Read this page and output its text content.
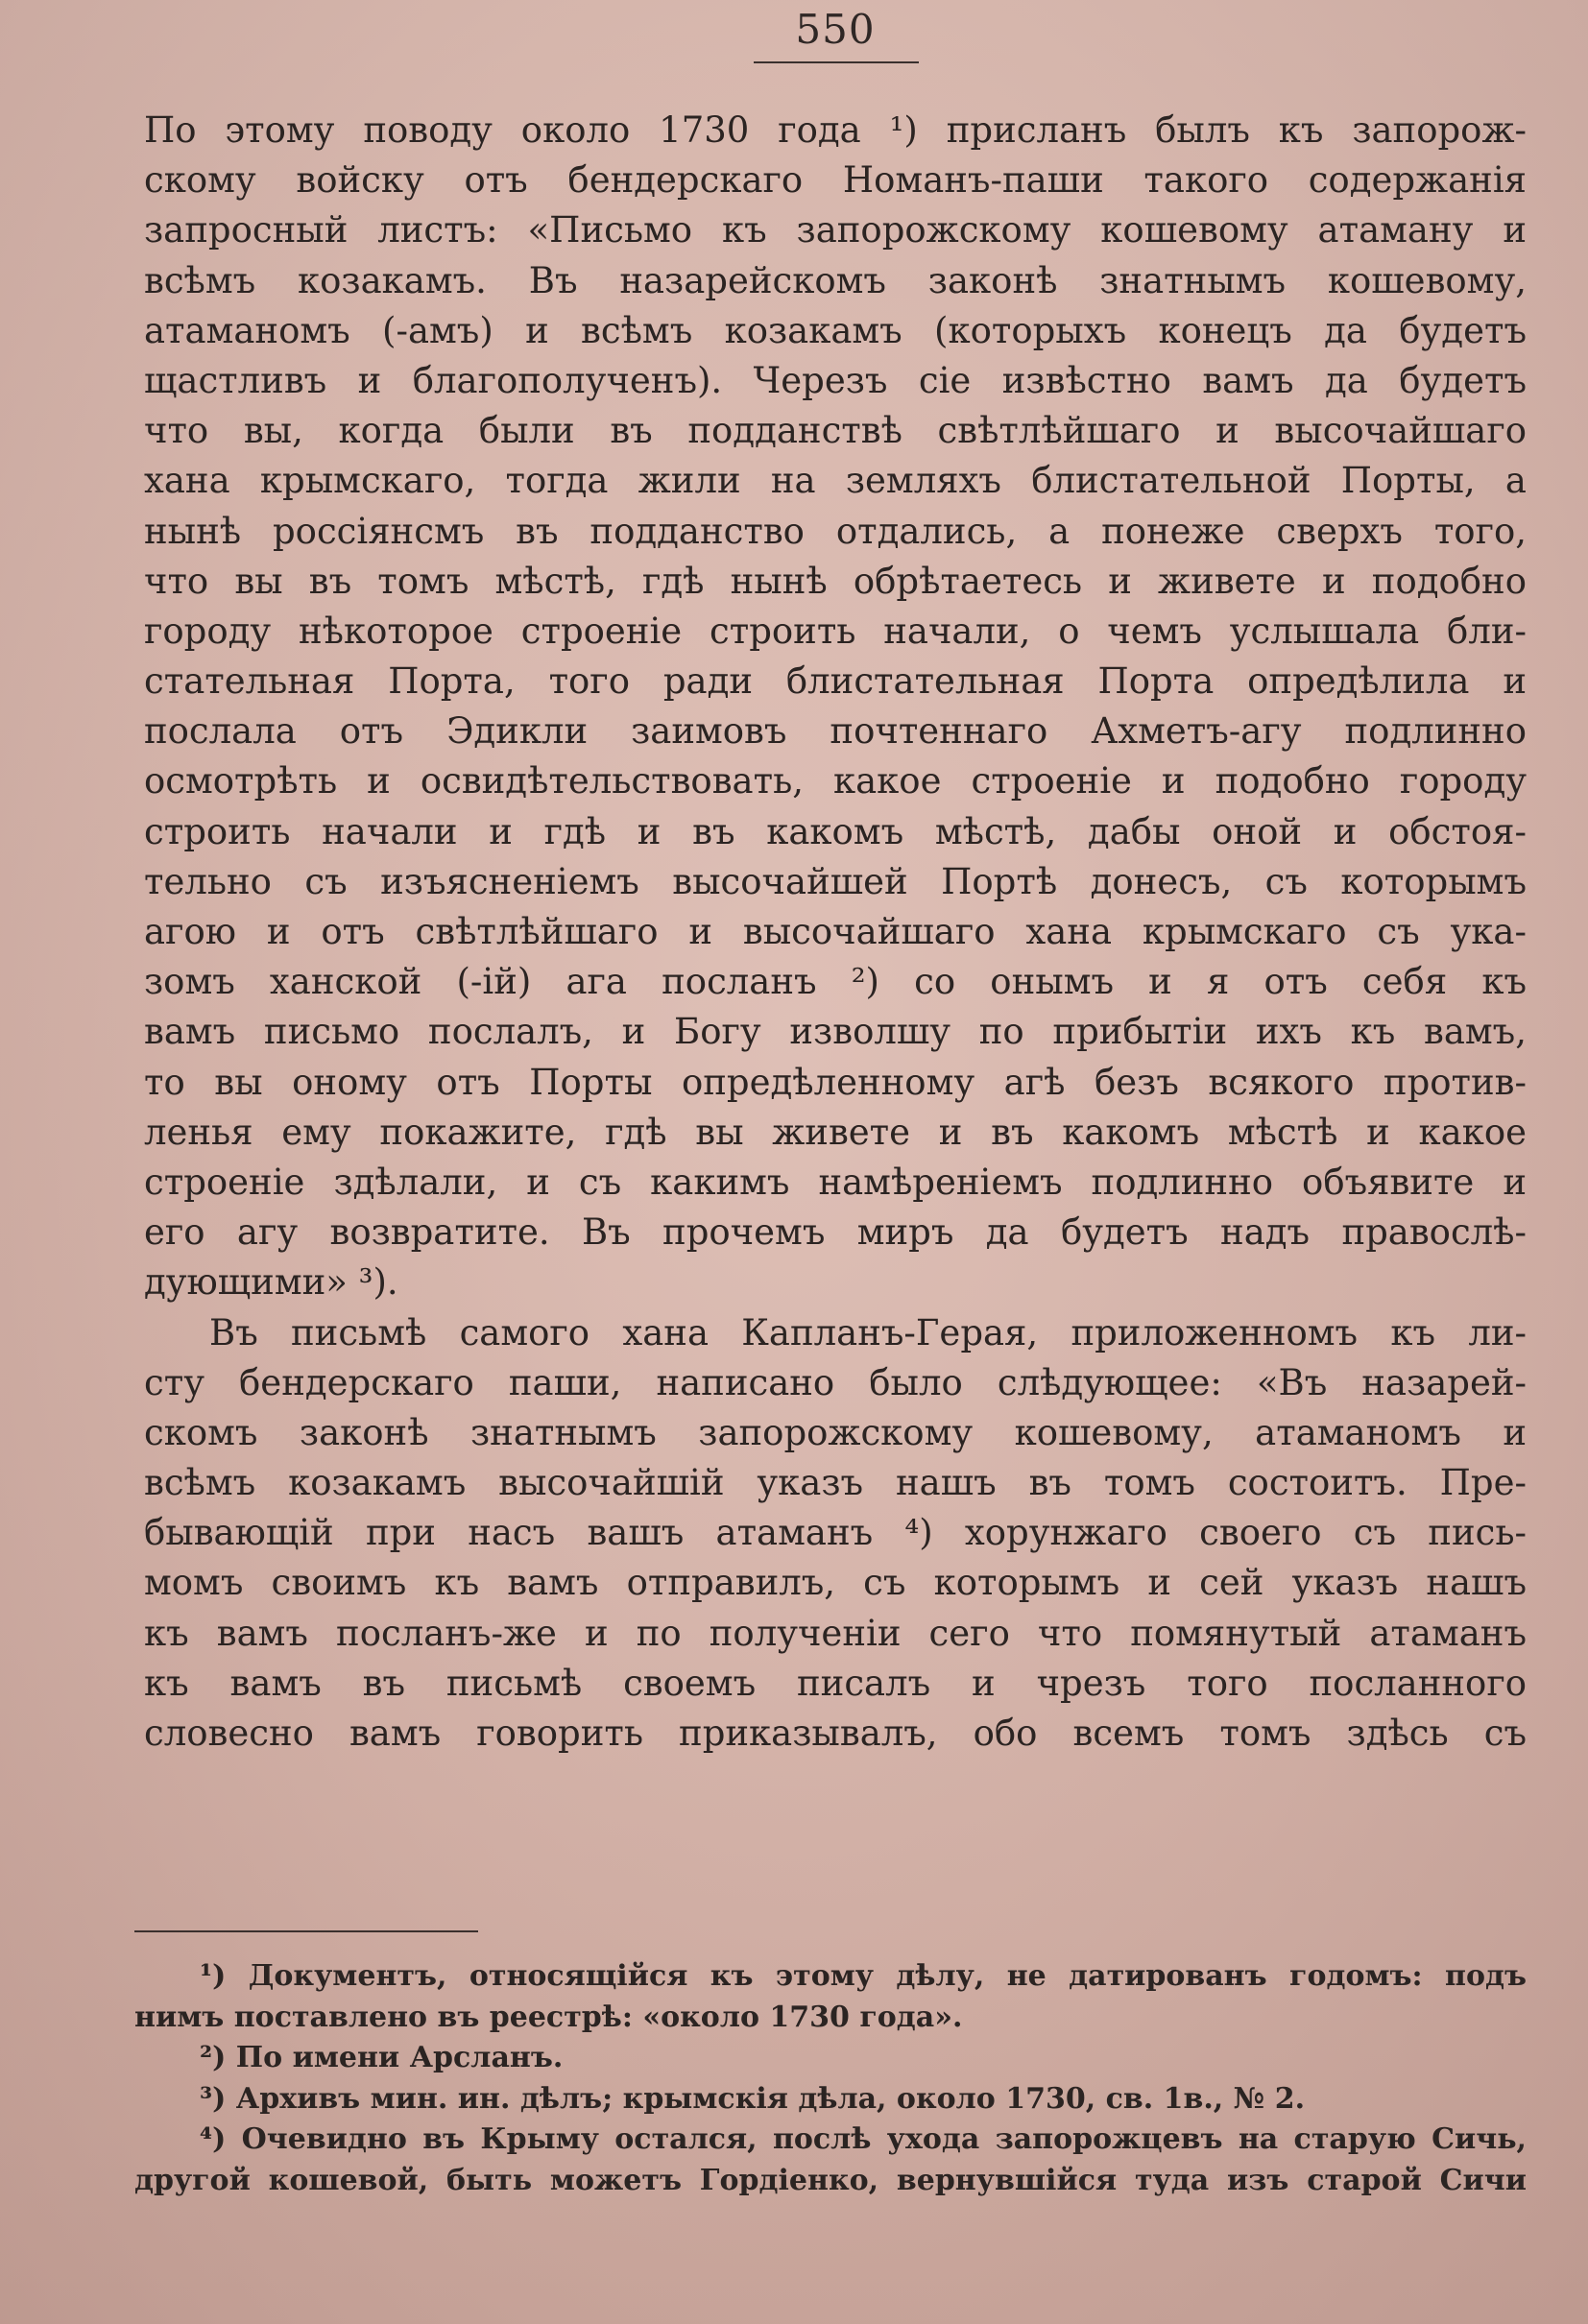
550
По этому поводу около 1730 года ¹) присланъ былъ къ запорож-
скому войску отъ бендерскаго Номанъ-паши такого содержанія
запросный листъ: «Письмо къ запорожскому кошевому атаману и
всѣмъ козакамъ. Въ назарейскомъ законѣ знатнымъ кошевому,
атаманомъ (-амъ) и всѣмъ козакамъ (которыхъ конецъ да будетъ
щастливъ и благополученъ). Черезъ сіе извѣстно вамъ да будетъ
что вы, когда были въ подданствѣ свѣтлѣйшаго и высочайшаго
хана крымскаго, тогда жили на земляхъ блистательной Порты, а
нынѣ россіянсмъ въ подданство отдались, а понеже сверхъ того,
что вы въ томъ мѣстѣ, гдѣ нынѣ обрѣтаетесь и живете и подобно
городу нѣкоторое строеніе строить начали, о чемъ услышала бли-
стательная Порта, того ради блистательная Порта опредѣлила и
послала отъ Эдикли заимовъ почтеннаго Ахметъ-агу подлинно
осмотрѣть и освидѣтельствовать, какое строеніе и подобно городу
строить начали и гдѣ и въ какомъ мѣстѣ, дабы оной и обстоя-
тельно съ изъясненіемъ высочайшей Портѣ донесъ, съ которымъ
агою и отъ свѣтлѣйшаго и высочайшаго хана крымскаго съ ука-
зомъ ханской (-ій) ага посланъ ²) со онымъ и я отъ себя къ
вамъ письмо послалъ, и Богу изволшу по прибытіи ихъ къ вамъ,
то вы оному отъ Порты опредѣленному агѣ безъ всякого против-
ленья ему покажите, гдѣ вы живете и въ какомъ мѣстѣ и какое
строеніе здѣлали, и съ какимъ намѣреніемъ подлинно объявите и
его агу возвратите. Въ прочемъ миръ да будетъ надъ правослѣ-
дующими» ³).
Въ письмѣ самого хана Капланъ-Герая, приложенномъ къ ли-
сту бендерскаго паши, написано было слѣдующее: «Въ назарей-
скомъ законѣ знатнымъ запорожскому кошевому, атаманомъ и
всѣмъ козакамъ высочайшій указъ нашъ въ томъ состоитъ. Пре-
бывающій при насъ вашъ атаманъ ⁴) хорунжаго своего съ пись-
момъ своимъ къ вамъ отправилъ, съ которымъ и сей указъ нашъ
къ вамъ посланъ-же и по полученіи сего что помянутый атаманъ
къ вамъ въ письмѣ своемъ писалъ и чрезъ того посланного
словесно вамъ говорить приказывалъ, обо всемъ томъ здѣсь съ
¹) Документъ, относящійся къ этому дѣлу, не датированъ годомъ: подъ
нимъ поставлено въ реестрѣ: «около 1730 года».
²) По имени Арсланъ.
³) Архивъ мин. ин. дѣлъ; крымскія дѣла, около 1730, св. 1в., № 2.
⁴) Очевидно въ Крыму остался, послѣ ухода запорожцевъ на старую Сичь,
другой кошевой, быть можетъ Гордіенко, вернувшійся туда изъ старой Сичи
